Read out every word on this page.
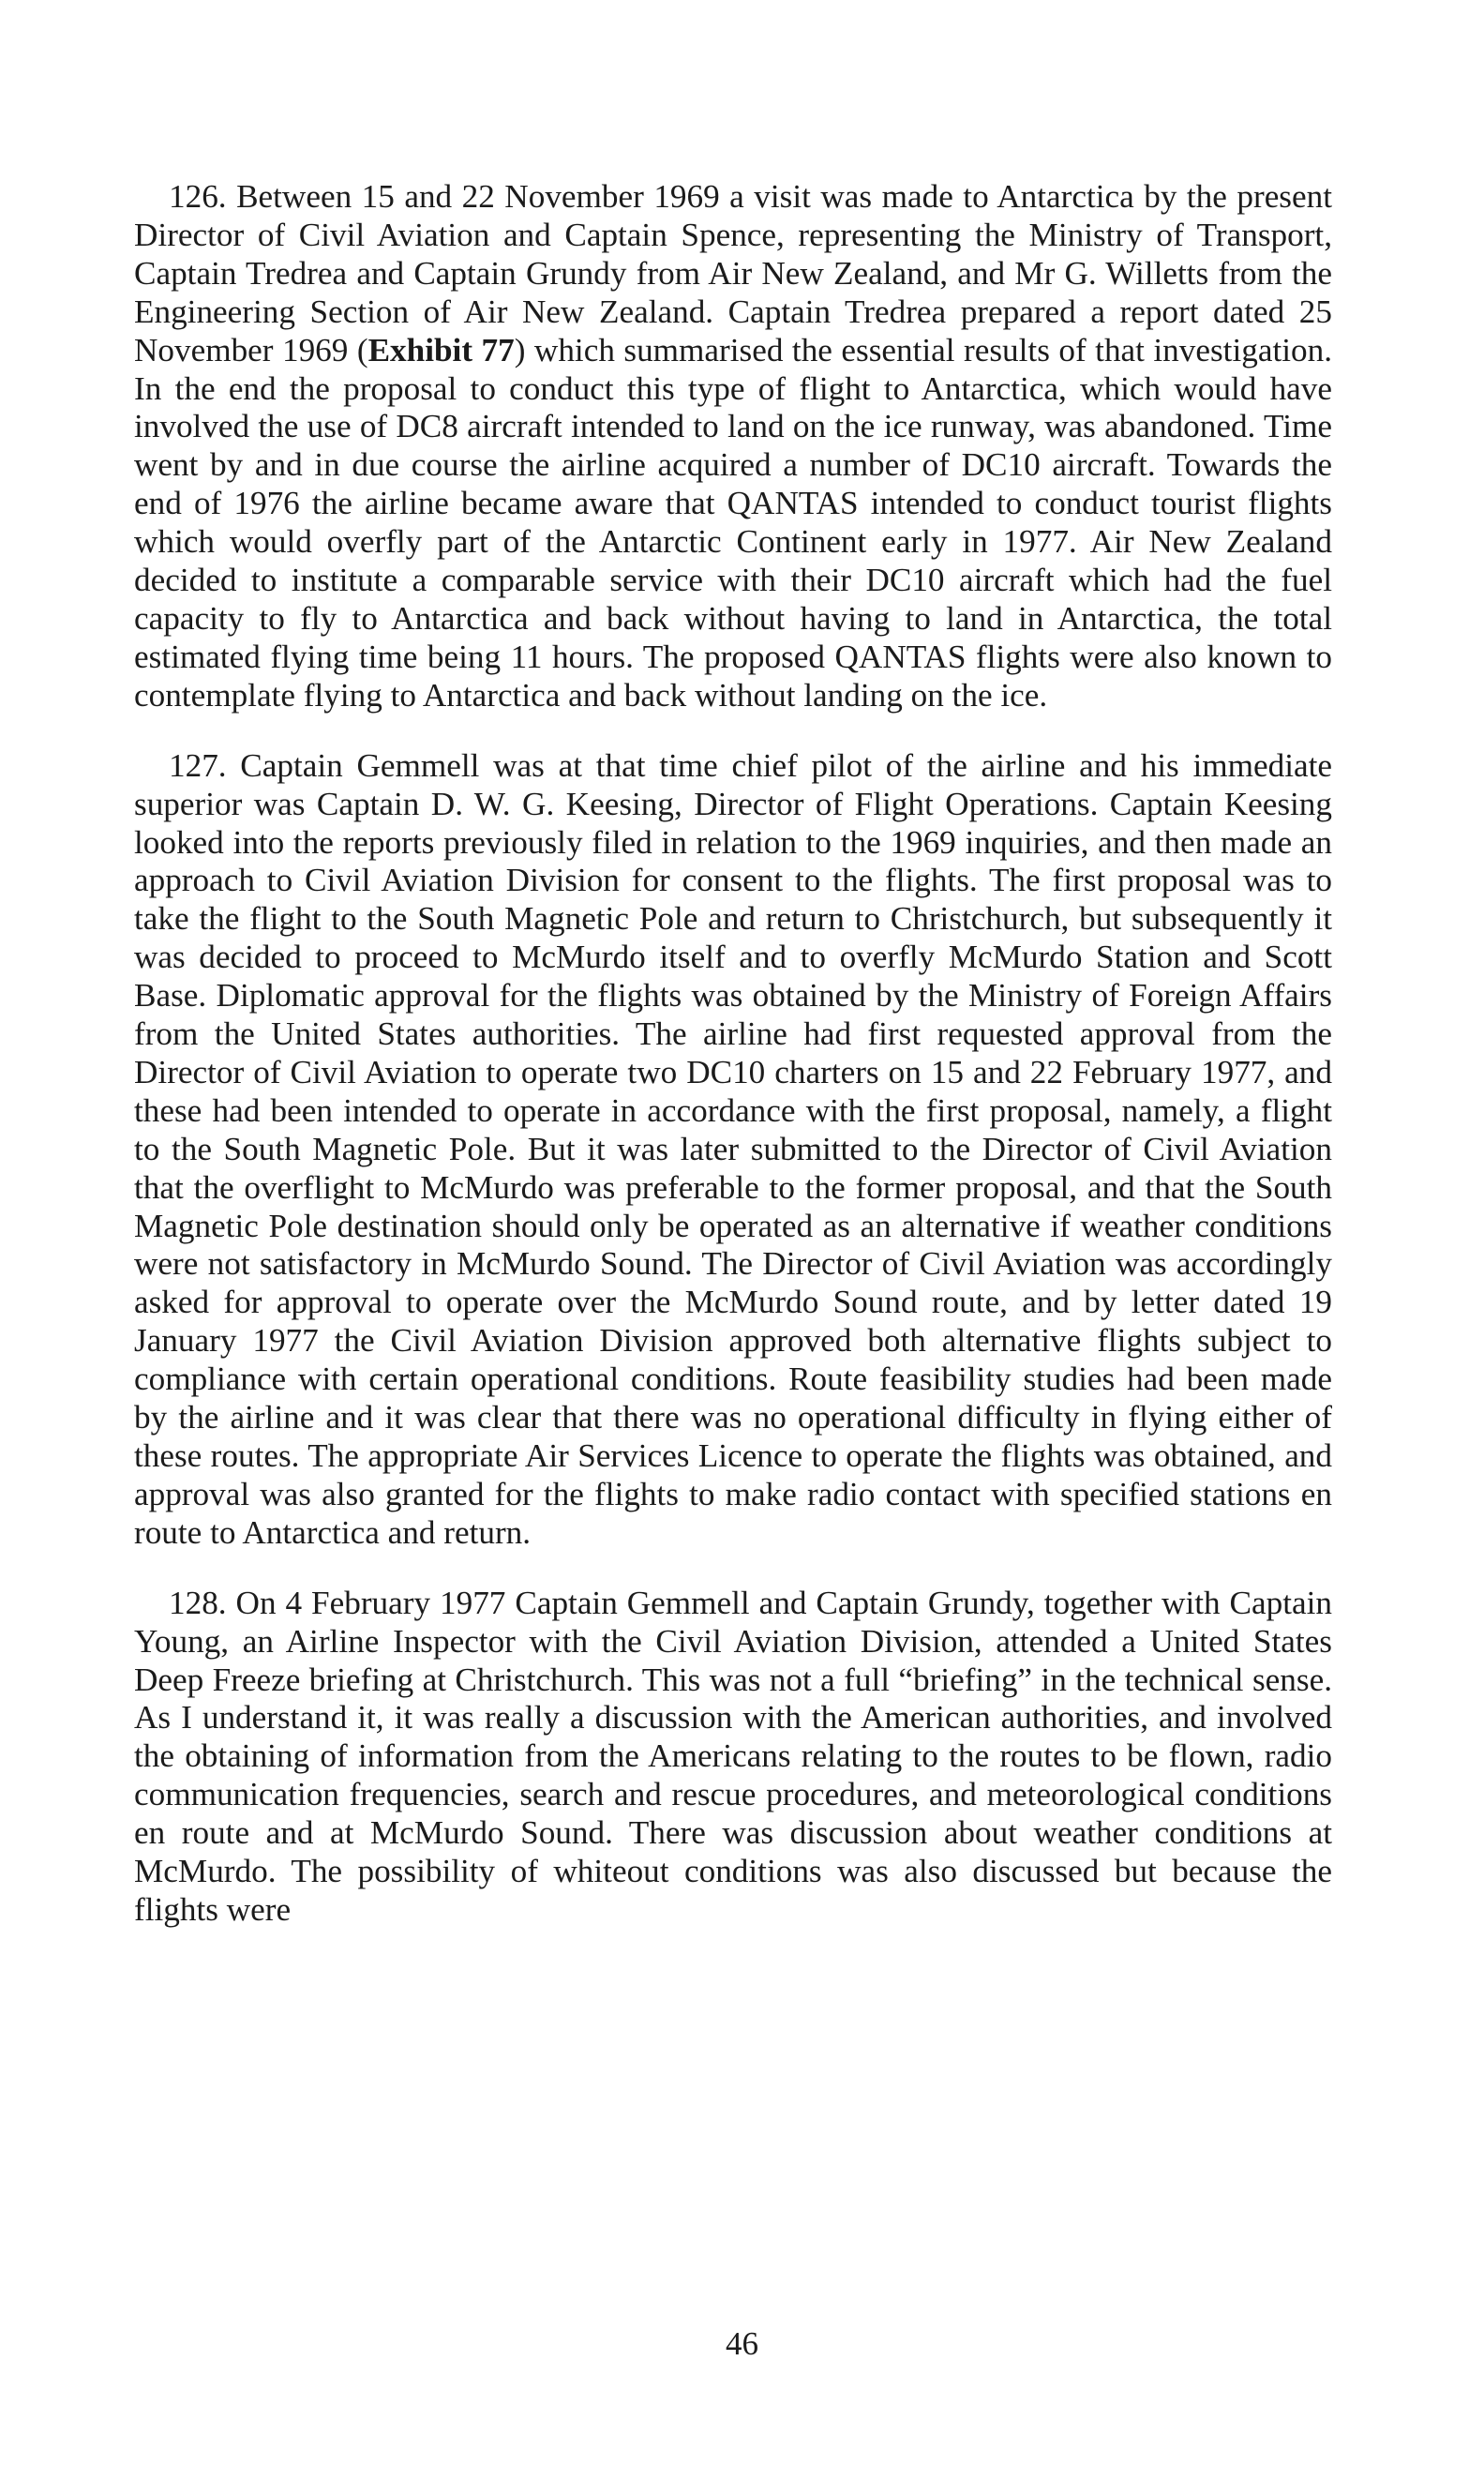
126. Between 15 and 22 November 1969 a visit was made to Antarctica by the present Director of Civil Aviation and Captain Spence, representing the Ministry of Transport, Captain Tredrea and Captain Grundy from Air New Zealand, and Mr G. Willetts from the Engineering Section of Air New Zealand. Captain Tredrea prepared a report dated 25 November 1969 (Exhibit 77) which summarised the essential results of that investigation. In the end the proposal to conduct this type of flight to Antarctica, which would have involved the use of DC8 aircraft intended to land on the ice runway, was abandoned. Time went by and in due course the airline acquired a number of DC10 aircraft. Towards the end of 1976 the airline became aware that QANTAS intended to conduct tourist flights which would overfly part of the Antarctic Continent early in 1977. Air New Zealand decided to institute a comparable service with their DC10 aircraft which had the fuel capacity to fly to Antarctica and back without having to land in Antarctica, the total estimated flying time being 11 hours. The proposed QANTAS flights were also known to contemplate flying to Antarctica and back without landing on the ice.

127. Captain Gemmell was at that time chief pilot of the airline and his immediate superior was Captain D. W. G. Keesing, Director of Flight Operations. Captain Keesing looked into the reports previously filed in relation to the 1969 inquiries, and then made an approach to Civil Aviation Division for consent to the flights. The first proposal was to take the flight to the South Magnetic Pole and return to Christchurch, but subsequently it was decided to proceed to McMurdo itself and to overfly McMurdo Station and Scott Base. Diplomatic approval for the flights was obtained by the Ministry of Foreign Affairs from the United States authorities. The airline had first requested approval from the Director of Civil Aviation to operate two DC10 charters on 15 and 22 February 1977, and these had been intended to operate in accordance with the first proposal, namely, a flight to the South Magnetic Pole. But it was later submitted to the Director of Civil Aviation that the overflight to McMurdo was preferable to the former proposal, and that the South Magnetic Pole destination should only be operated as an alternative if weather conditions were not satisfactory in McMurdo Sound. The Director of Civil Aviation was accordingly asked for approval to operate over the McMurdo Sound route, and by letter dated 19 January 1977 the Civil Aviation Division approved both alternative flights subject to compliance with certain operational conditions. Route feasibility studies had been made by the airline and it was clear that there was no operational difficulty in flying either of these routes. The appropriate Air Services Licence to operate the flights was obtained, and approval was also granted for the flights to make radio contact with specified stations en route to Antarctica and return.

128. On 4 February 1977 Captain Gemmell and Captain Grundy, together with Captain Young, an Airline Inspector with the Civil Aviation Division, attended a United States Deep Freeze briefing at Christchurch. This was not a full “briefing” in the technical sense. As I understand it, it was really a discussion with the American authorities, and involved the obtaining of information from the Americans relating to the routes to be flown, radio communication frequencies, search and rescue procedures, and meteorological conditions en route and at McMurdo Sound. There was discussion about weather conditions at McMurdo. The possibility of whiteout conditions was also discussed but because the flights were

46
